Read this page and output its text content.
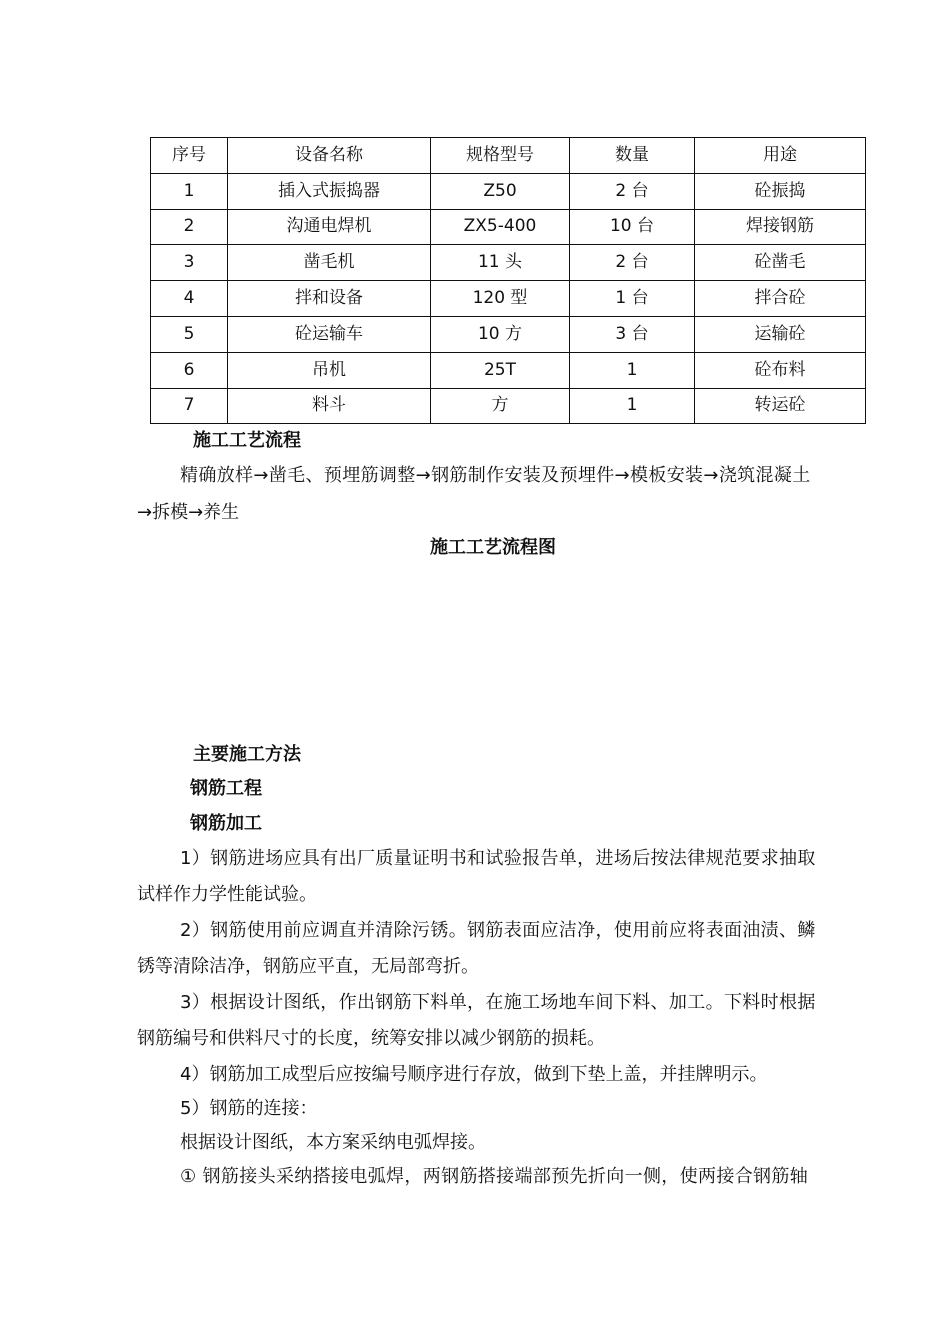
序号	设备名称	规格型号	数量	用途
1	插入式振捣器	Z50	2 台	砼振捣
2	沟通电焊机	ZX5-400	10 台	焊接钢筋
3	凿毛机	11 头	2 台	砼凿毛
4	拌和设备	120 型	1 台	拌合砼
5	砼运输车	10 方	3 台	运输砼
6	吊机	25T	1	砼布料
7	料斗	方	1	转运砼
施工工艺流程
精确放样→凿毛、预埋筋调整→钢筋制作安装及预埋件→模板安装→浇筑混凝土
→拆模→养生
施工工艺流程图
主要施工方法
钢筋工程
钢筋加工
1）钢筋进场应具有出厂质量证明书和试验报告单，进场后按法律规范要求抽取
试样作力学性能试验。
2）钢筋使用前应调直并清除污锈。钢筋表面应洁净，使用前应将表面油渍、鳞
锈等清除洁净，钢筋应平直，无局部弯折。
3）根据设计图纸，作出钢筋下料单，在施工场地车间下料、加工。下料时根据
钢筋编号和供料尺寸的长度，统筹安排以减少钢筋的损耗。
4）钢筋加工成型后应按编号顺序进行存放，做到下垫上盖，并挂牌明示。
5）钢筋的连接：
根据设计图纸，本方案采纳电弧焊接。
① 钢筋接头采纳搭接电弧焊，两钢筋搭接端部预先折向一侧，使两接合钢筋轴
